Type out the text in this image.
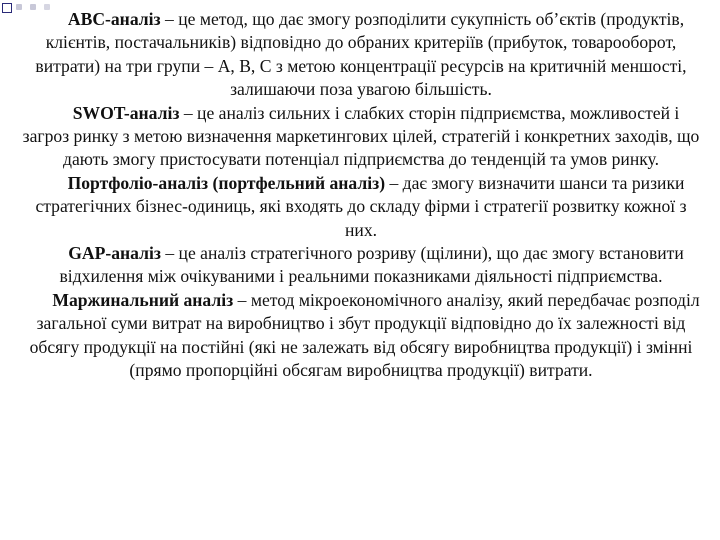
ABC-аналіз – це метод, що дає змогу розподілити сукупність об’єктів (продуктів, клієнтів, постачальників) відповідно до обраних критеріїв (прибуток, товарооборот, витрати) на три групи – А, В, С з метою концентрації ресурсів на критичній меншості, залишаючи поза увагою більшість.

SWOT-аналіз – це аналіз сильних і слабких сторін підприємства, можливостей і загроз ринку з метою визначення маркетингових цілей, стратегій і конкретних заходів, що дають змогу пристосувати потенціал підприємства до тенденцій та умов ринку.

Портфоліо-аналіз (портфельний аналіз) – дає змогу визначити шанси та ризики стратегічних бізнес-одиниць, які входять до складу фірми і стратегії розвитку кожної з них.

GAP-аналіз – це аналіз стратегічного розриву (щілини), що дає змогу встановити відхилення між очікуваними і реальними показниками діяльності підприємства.

Маржинальний аналіз – метод мікроекономічного аналізу, який передбачає розподіл загальної суми витрат на виробництво і збут продукції відповідно до їх залежності від обсягу продукції на постійні (які не залежать від обсягу виробництва продукції) і змінні (прямо пропорційні обсягам виробництва продукції) витрати.
